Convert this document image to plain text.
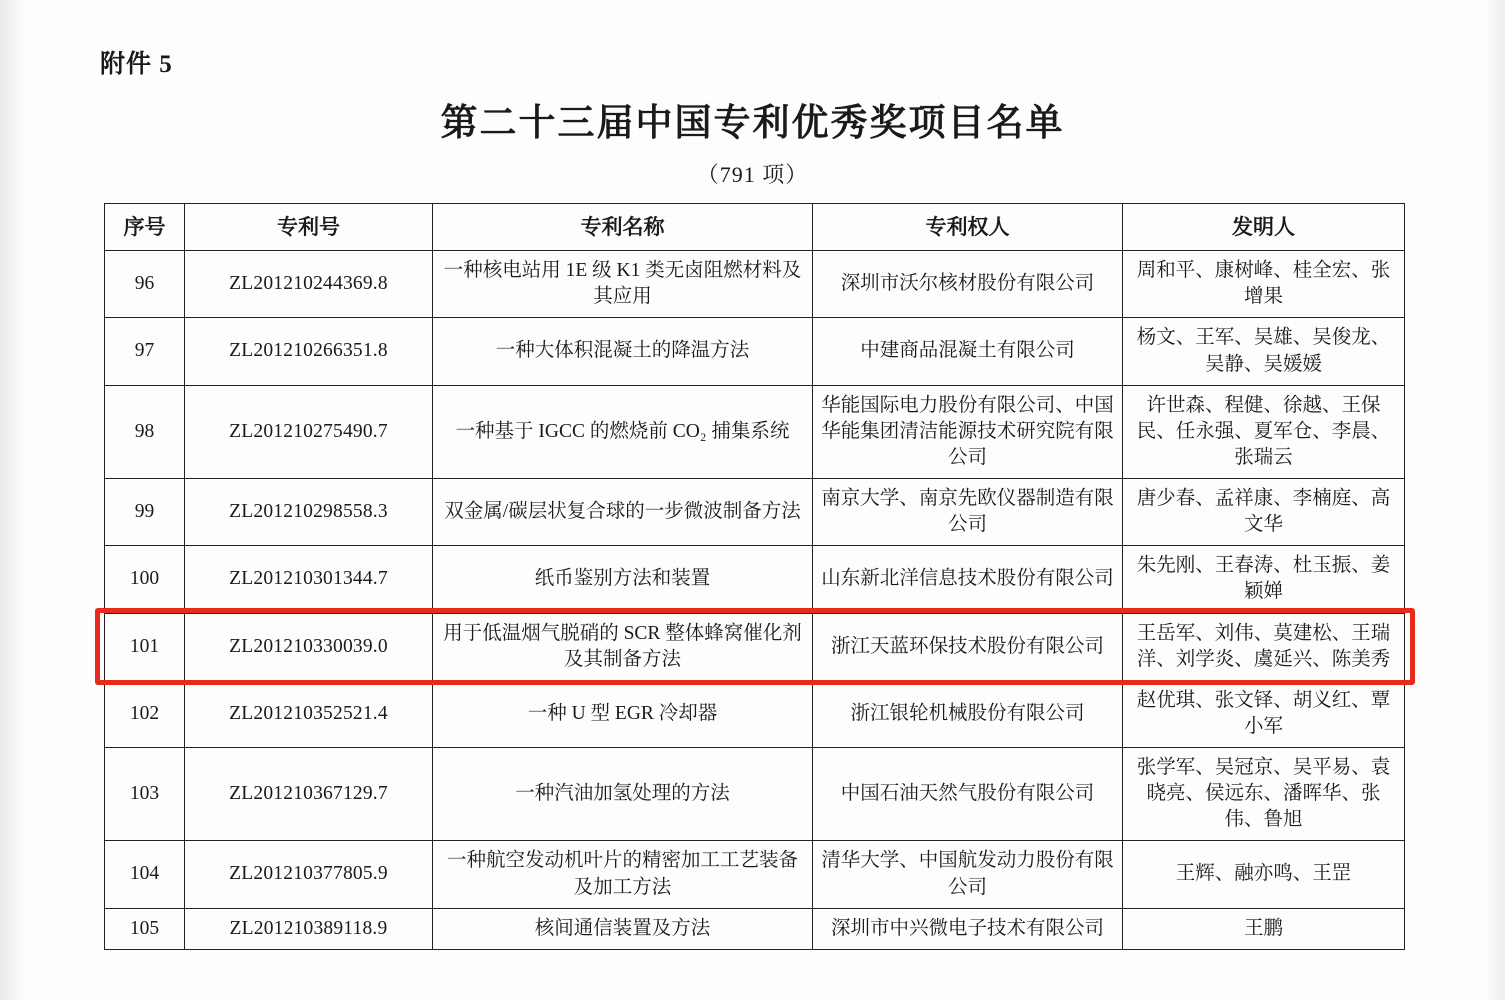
附件 5
第二十三届中国专利优秀奖项目名单
（791 项）
序号	专利号	专利名称	专利权人	发明人
96	ZL201210244369.8	一种核电站用 1E 级 K1 类无卤阻燃材料及其应用	深圳市沃尔核材股份有限公司	周和平、康树峰、桂全宏、张增果
97	ZL201210266351.8	一种大体积混凝土的降温方法	中建商品混凝土有限公司	杨文、王军、吴雄、吴俊龙、吴静、吴媛媛
98	ZL201210275490.7	一种基于 IGCC 的燃烧前 CO₂ 捕集系统	华能国际电力股份有限公司、中国华能集团清洁能源技术研究院有限公司	许世森、程健、徐越、王保民、任永强、夏军仓、李晨、张瑞云
99	ZL201210298558.3	双金属/碳层状复合球的一步微波制备方法	南京大学、南京先欧仪器制造有限公司	唐少春、孟祥康、李楠庭、高文华
100	ZL201210301344.7	纸币鉴别方法和装置	山东新北洋信息技术股份有限公司	朱先刚、王春涛、杜玉振、姜颖婵
101	ZL201210330039.0	用于低温烟气脱硝的 SCR 整体蜂窝催化剂及其制备方法	浙江天蓝环保技术股份有限公司	王岳军、刘伟、莫建松、王瑞洋、刘学炎、虞延兴、陈美秀
102	ZL201210352521.4	一种 U 型 EGR 冷却器	浙江银轮机械股份有限公司	赵优琪、张文铎、胡义红、覃小军
103	ZL201210367129.7	一种汽油加氢处理的方法	中国石油天然气股份有限公司	张学军、吴冠京、吴平易、袁晓亮、侯远东、潘晖华、张伟、鲁旭
104	ZL201210377805.9	一种航空发动机叶片的精密加工工艺装备及加工方法	清华大学、中国航发动力股份有限公司	王辉、融亦鸣、王罡
105	ZL201210389118.9	核间通信装置及方法	深圳市中兴微电子技术有限公司	王鹏
